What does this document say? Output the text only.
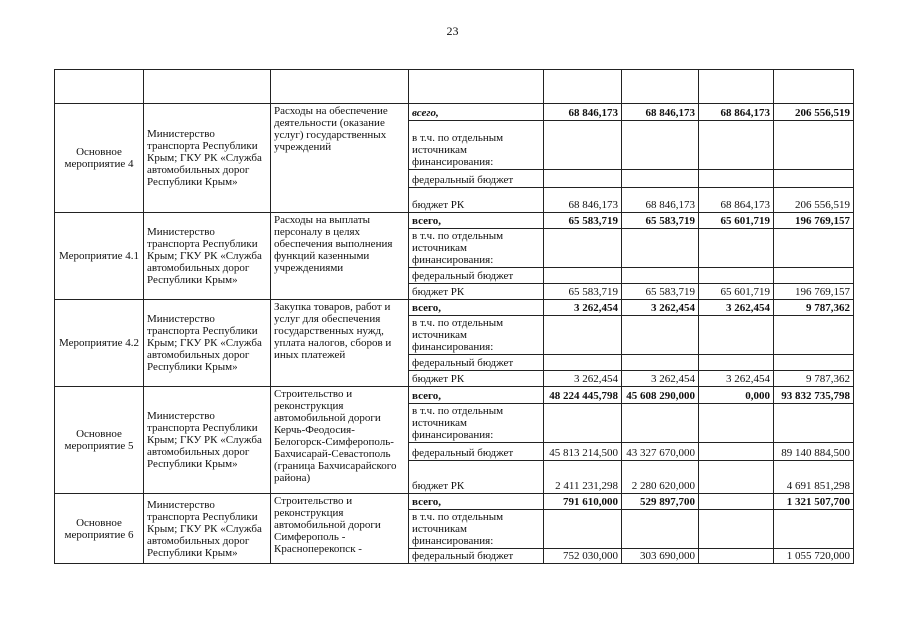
23

Основное мероприятие 4	Министерство транспорта Республики Крым; ГКУ РК «Служба автомобильных дорог Республики Крым»	Расходы на обеспечение деятельности (оказание услуг) государственных учреждений	всего,	68 846,173	68 846,173	68 864,173	206 556,519
			в т.ч. по отдельным источникам финансирования:				
			федеральный бюджет				
			бюджет РК	68 846,173	68 846,173	68 864,173	206 556,519
Мероприятие 4.1	Министерство транспорта Республики Крым; ГКУ РК «Служба автомобильных дорог Республики Крым»	Расходы на выплаты персоналу в целях обеспечения выполнения функций казенными учреждениями	всего,	65 583,719	65 583,719	65 601,719	196 769,157
			в т.ч. по отдельным источникам финансирования:				
			федеральный бюджет				
			бюджет РК	65 583,719	65 583,719	65 601,719	196 769,157
Мероприятие 4.2	Министерство транспорта Республики Крым; ГКУ РК «Служба автомобильных дорог Республики Крым»	Закупка товаров, работ и услуг для обеспечения государственных нужд, уплата налогов, сборов и иных платежей	всего,	3 262,454	3 262,454	3 262,454	9 787,362
			в т.ч. по отдельным источникам финансирования:				
			федеральный бюджет				
			бюджет РК	3 262,454	3 262,454	3 262,454	9 787,362
Основное мероприятие 5	Министерство транспорта Республики Крым; ГКУ РК «Служба автомобильных дорог Республики Крым»	Строительство и реконструкция автомобильной дороги Керчь-Феодосия-Белогорск-Симферополь-Бахчисарай-Севастополь (граница Бахчисарайского района)	всего,	48 224 445,798	45 608 290,000	0,000	93 832 735,798
			в т.ч. по отдельным источникам финансирования:				
			федеральный бюджет	45 813 214,500	43 327 670,000		89 140 884,500
			бюджет РК	2 411 231,298	2 280 620,000		4 691 851,298
Основное мероприятие 6	Министерство транспорта Республики Крым; ГКУ РК «Служба автомобильных дорог Республики Крым»	Строительство и реконструкция автомобильной дороги Симферополь - Красноперекопск -	всего,	791 610,000	529 897,700		1 321 507,700
			в т.ч. по отдельным источникам финансирования:				
			федеральный бюджет	752 030,000	303 690,000		1 055 720,000
